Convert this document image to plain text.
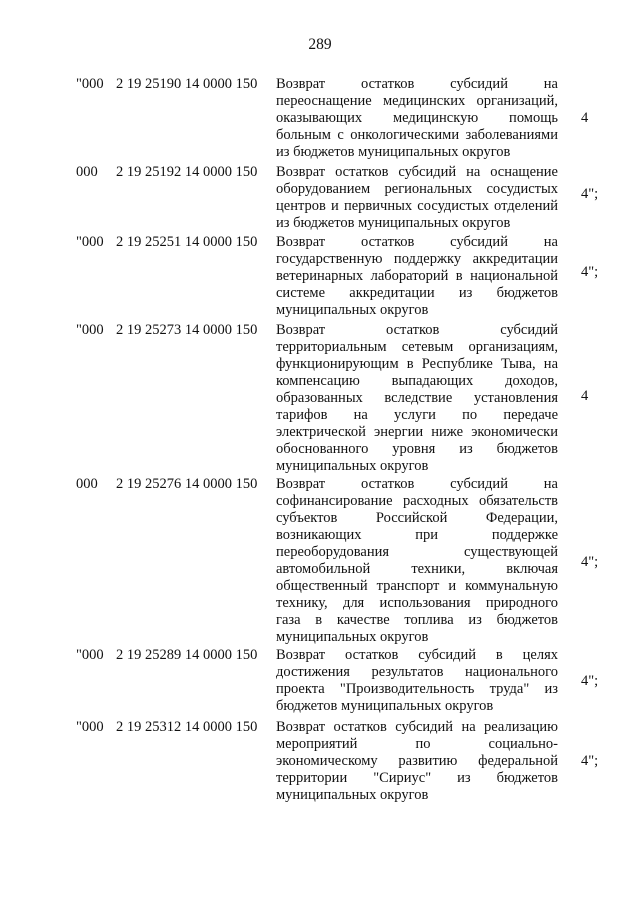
289
"000 2 19 25190 14 0000 150 Возврат остатков субсидий на
переоснащение медицинских организаций,
оказывающих медицинскую помощь
больным с онкологическими заболеваниями
из бюджетов муниципальных округов
4
000 2 19 25192 14 0000 150 Возврат остатков субсидий на оснащение
оборудованием региональных сосудистых
центров и первичных сосудистых отделений
из бюджетов муниципальных округов
4";
"000 2 19 25251 14 0000 150 Возврат остатков субсидий на
государственную поддержку аккредитации
ветеринарных лабораторий в национальной
системе аккредитации из бюджетов
муниципальных округов
4";
"000 2 19 25273 14 0000 150 Возврат остатков субсидий
территориальным сетевым организациям,
функционирующим в Республике Тыва, на
компенсацию выпадающих доходов,
образованных вследствие установления
тарифов на услуги по передаче
электрической энергии ниже экономически
обоснованного уровня из бюджетов
муниципальных округов
4
000 2 19 25276 14 0000 150 Возврат остатков субсидий на
софинансирование расходных обязательств
субъектов Российской Федерации,
возникающих при поддержке
переоборудования существующей
автомобильной техники, включая
общественный транспорт и коммунальную
технику, для использования природного
газа в качестве топлива из бюджетов
муниципальных округов
4";
"000 2 19 25289 14 0000 150 Возврат остатков субсидий в целях
достижения результатов национального
проекта "Производительность труда" из
бюджетов муниципальных округов
4";
"000 2 19 25312 14 0000 150 Возврат остатков субсидий на реализацию
мероприятий по социально-
экономическому развитию федеральной
территории "Сириус" из бюджетов
муниципальных округов
4";
